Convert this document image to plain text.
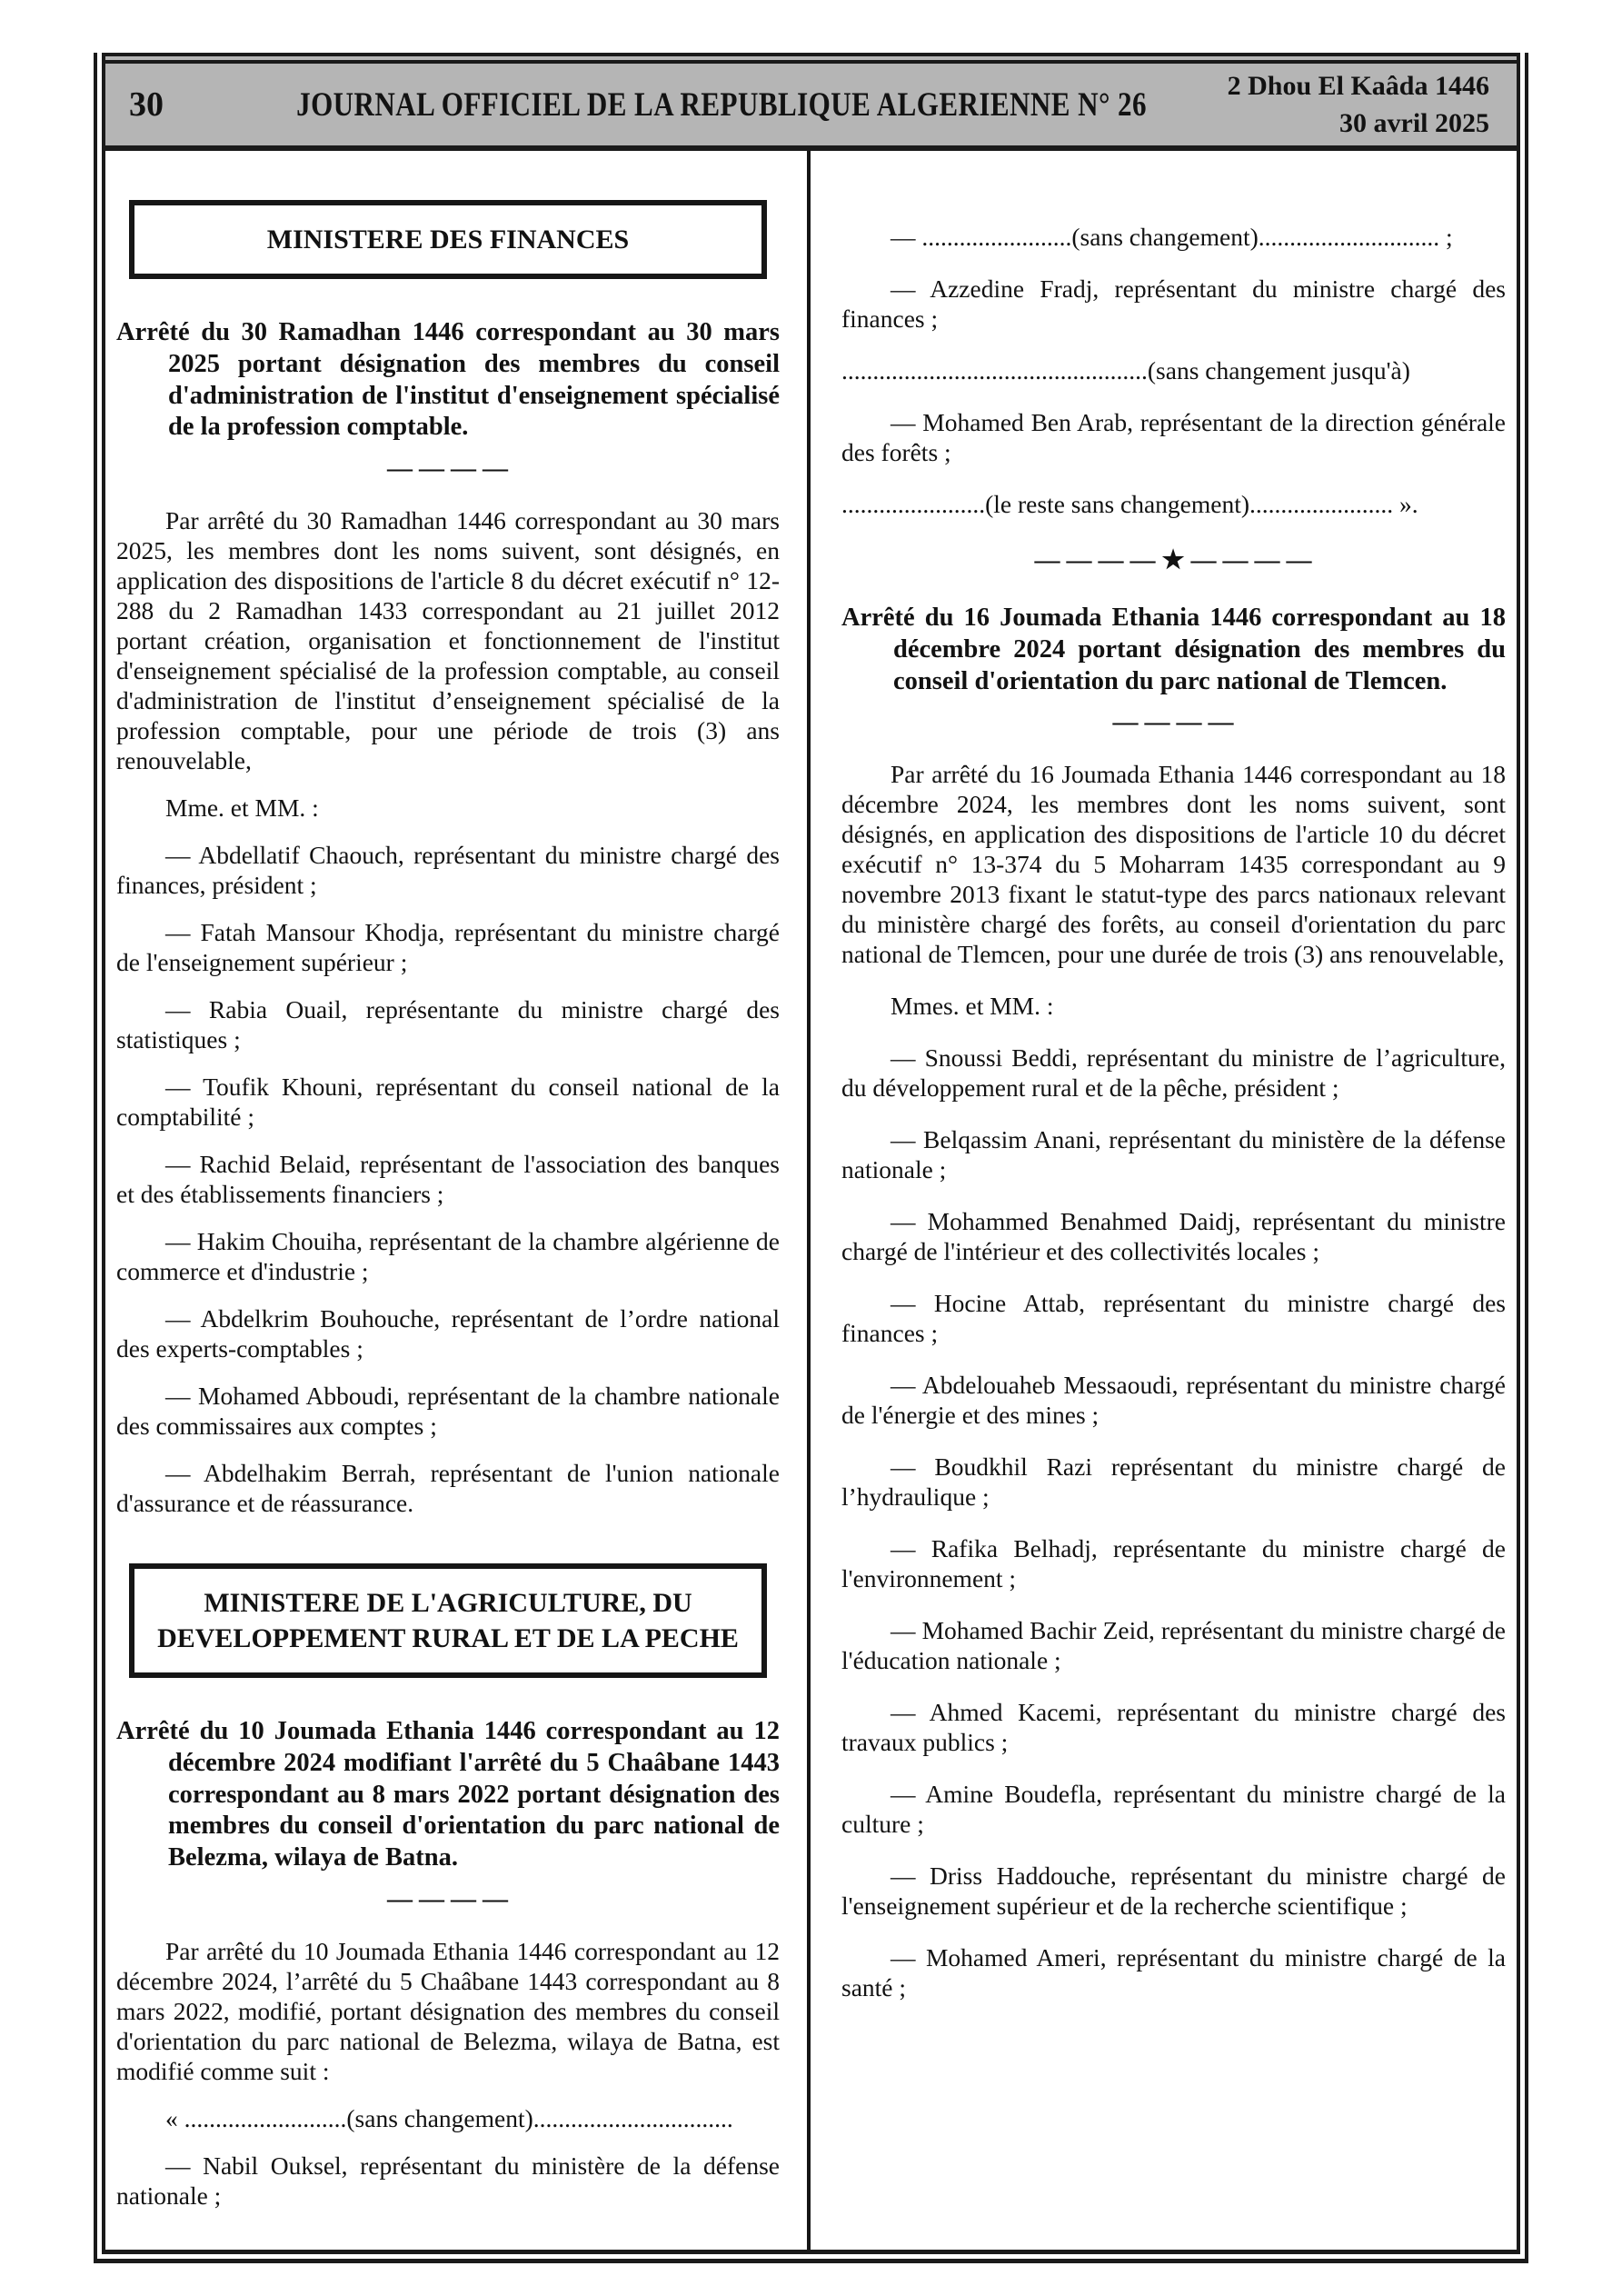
30	JOURNAL OFFICIEL DE LA REPUBLIQUE ALGERIENNE N° 26
2 Dhou El Kaâda 1446
30 avril 2025
MINISTERE DES FINANCES
Arrêté du 30 Ramadhan 1446 correspondant au 30 mars 2025 portant désignation des membres du conseil d'administration de l'institut d'enseignement spécialisé de la profession comptable.
— — — —

Par arrêté du 30 Ramadhan 1446 correspondant au 30 mars 2025, les membres dont les noms suivent, sont désignés, en application des dispositions de l'article 8 du décret exécutif n° 12-288 du 2 Ramadhan 1433 correspondant au 21 juillet 2012 portant création, organisation et fonctionnement de l'institut d'enseignement spécialisé de la profession comptable, au conseil d'administration de l'institut d’enseignement spécialisé de la profession comptable, pour une période de trois (3) ans renouvelable,

Mme. et MM. :

— Abdellatif Chaouch, représentant du ministre chargé des finances, président ;

— Fatah Mansour Khodja, représentant du ministre chargé de l'enseignement supérieur ;

— Rabia Ouail, représentante du ministre chargé des statistiques ;

— Toufik Khouni, représentant du conseil national de la comptabilité ;

— Rachid Belaid, représentant de l'association des banques et des établissements financiers ;

— Hakim Chouiha, représentant de la chambre algérienne de commerce et d'industrie ;

— Abdelkrim Bouhouche, représentant de l’ordre national des experts-comptables ;

— Mohamed Abboudi, représentant de la chambre nationale des commissaires aux comptes ;

— Abdelhakim Berrah, représentant de l'union nationale d'assurance et de réassurance.

MINISTERE DE L'AGRICULTURE, DU DEVELOPPEMENT RURAL ET DE LA PECHE
Arrêté du 10 Joumada Ethania 1446 correspondant au 12 décembre 2024 modifiant l'arrêté du 5 Chaâbane 1443 correspondant au 8 mars 2022 portant désignation des membres du conseil d'orientation du parc national de Belezma, wilaya de Batna.
— — — —

Par arrêté du 10 Joumada Ethania 1446 correspondant au 12 décembre 2024, l’arrêté du 5 Chaâbane 1443 correspondant au 8 mars 2022, modifié, portant désignation des membres du conseil d'orientation du parc national de Belezma, wilaya de Batna, est modifié comme suit :

« ..........................(sans changement)................................

— Nabil Ouksel, représentant du ministère de la défense nationale ;

— ........................(sans changement)............................. ;

— Azzedine Fradj, représentant du ministre chargé des finances ;

.................................................(sans changement jusqu'à)

— Mohamed Ben Arab, représentant de la direction générale des forêts ;

.......................(le reste sans changement)....................... ».

— — — — ★ — — — —
Arrêté du 16 Joumada Ethania 1446 correspondant au 18 décembre 2024 portant désignation des membres du conseil d'orientation du parc national de Tlemcen.
— — — —

Par arrêté du 16 Joumada Ethania 1446 correspondant au 18 décembre 2024, les membres dont les noms suivent, sont désignés, en application des dispositions de l'article 10 du décret exécutif n° 13-374 du 5 Moharram 1435 correspondant au 9 novembre 2013 fixant le statut-type des parcs nationaux relevant du ministère chargé des forêts, au conseil d'orientation du parc national de Tlemcen, pour une durée de trois (3) ans renouvelable,

Mmes. et MM. :

— Snoussi Beddi, représentant du ministre de l’agriculture, du développement rural et de la pêche, président ;

— Belqassim Anani, représentant du ministère de la défense nationale ;

— Mohammed Benahmed Daidj, représentant du ministre chargé de l'intérieur et des collectivités locales ;

— Hocine Attab, représentant du ministre chargé des finances ;

— Abdelouaheb Messaoudi, représentant du ministre chargé de l'énergie et des mines ;

— Boudkhil Razi représentant du ministre chargé de l’hydraulique ;

— Rafika Belhadj, représentante du ministre chargé de l'environnement ;

— Mohamed Bachir Zeid, représentant du ministre chargé de l'éducation nationale ;

— Ahmed Kacemi, représentant du ministre chargé des travaux publics ;

— Amine Boudefla, représentant du ministre chargé de la culture ;

— Driss Haddouche, représentant du ministre chargé de l'enseignement supérieur et de la recherche scientifique ;

— Mohamed Ameri, représentant du ministre chargé de la santé ;
